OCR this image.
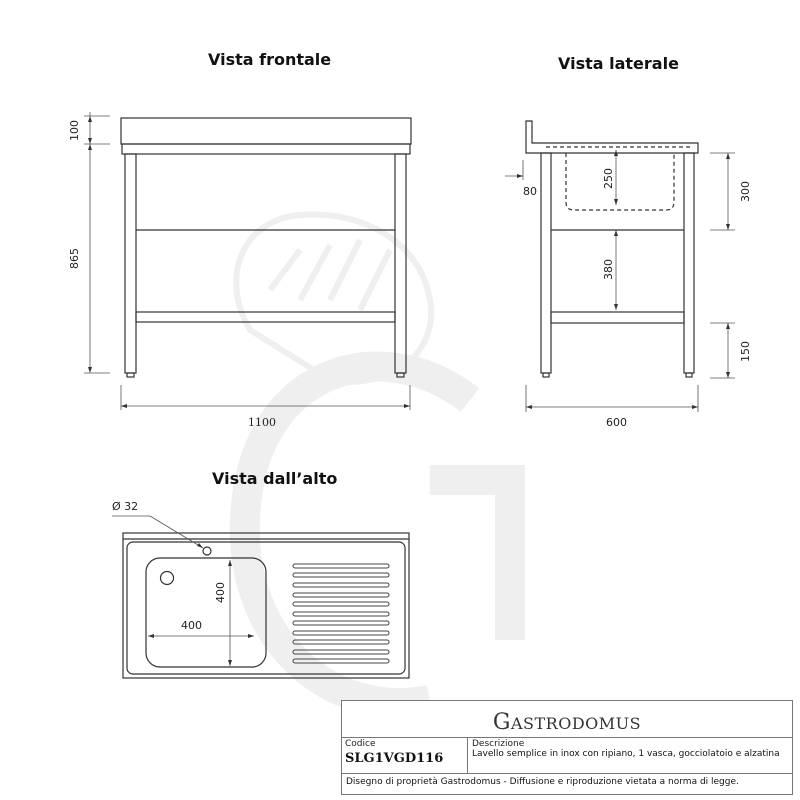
Vista frontale	Vista laterale
Vista dall’alto
100
865
1100
80
250
300
380
150
600
Ø 32
400
400
GASTRODOMUS
Codice
SLG1VGD116
Descrizione
Lavello semplice in inox con ripiano, 1 vasca, gocciolatoio e alzatina
Disegno di proprietà Gastrodomus - Diffusione e riproduzione vietata a norma di legge.
